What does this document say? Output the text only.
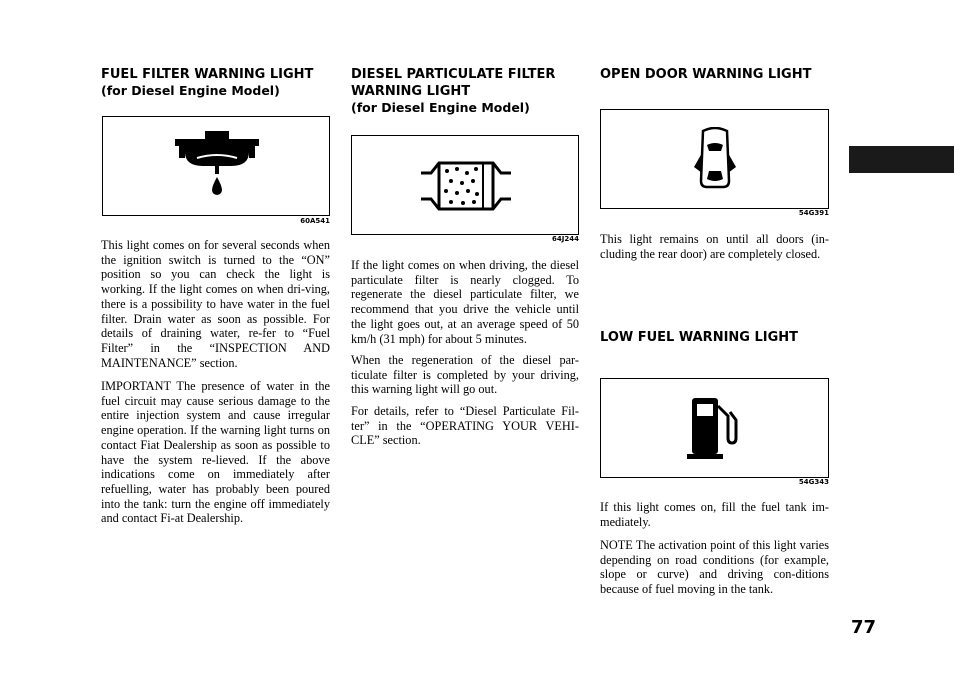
FUEL FILTER WARNING LIGHT

(for Diesel Engine Model)

60A541

This light comes on for several seconds when the ignition switch is turned to the “ON” position so you can check the light is working. If the light comes on when dri-ving, there is a possibility to have water in the fuel filter. Drain water as soon as possible. For details of draining water, re-fer to “Fuel Filter” in the “INSPECTION AND MAINTENANCE” section.

IMPORTANT The presence of water in the fuel circuit may cause serious damage to the entire injection system and cause irregular engine operation. If the warning light turns on contact Fiat Dealership as soon as possible to have the system re-lieved. If the above indications come on immediately after refuelling, water has probably been poured into the tank: turn the engine off immediately and contact Fi-at Dealership.

DIESEL PARTICULATE FILTER

WARNING LIGHT

(for Diesel Engine Model)

64J244

If the light comes on when driving, the diesel particulate filter is nearly clogged. To regenerate the diesel particulate filter, we recommend that you drive the vehicle until the light goes out, at an average speed of 50 km/h (31 mph) for about 5 minutes.

When the regeneration of the diesel par-ticulate filter is completed by your driving, this warning light will go out.

For details, refer to “Diesel Particulate Fil-ter” in the “OPERATING YOUR VEHI-CLE” section.

OPEN DOOR WARNING LIGHT

54G391

This light remains on until all doors (in-cluding the rear door) are completely closed.

LOW FUEL WARNING LIGHT

54G343

If this light comes on, fill the fuel tank im-mediately.

NOTE The activation point of this light varies depending on road conditions (for example, slope or curve) and driving con-ditions because of fuel moving in the tank.

77
